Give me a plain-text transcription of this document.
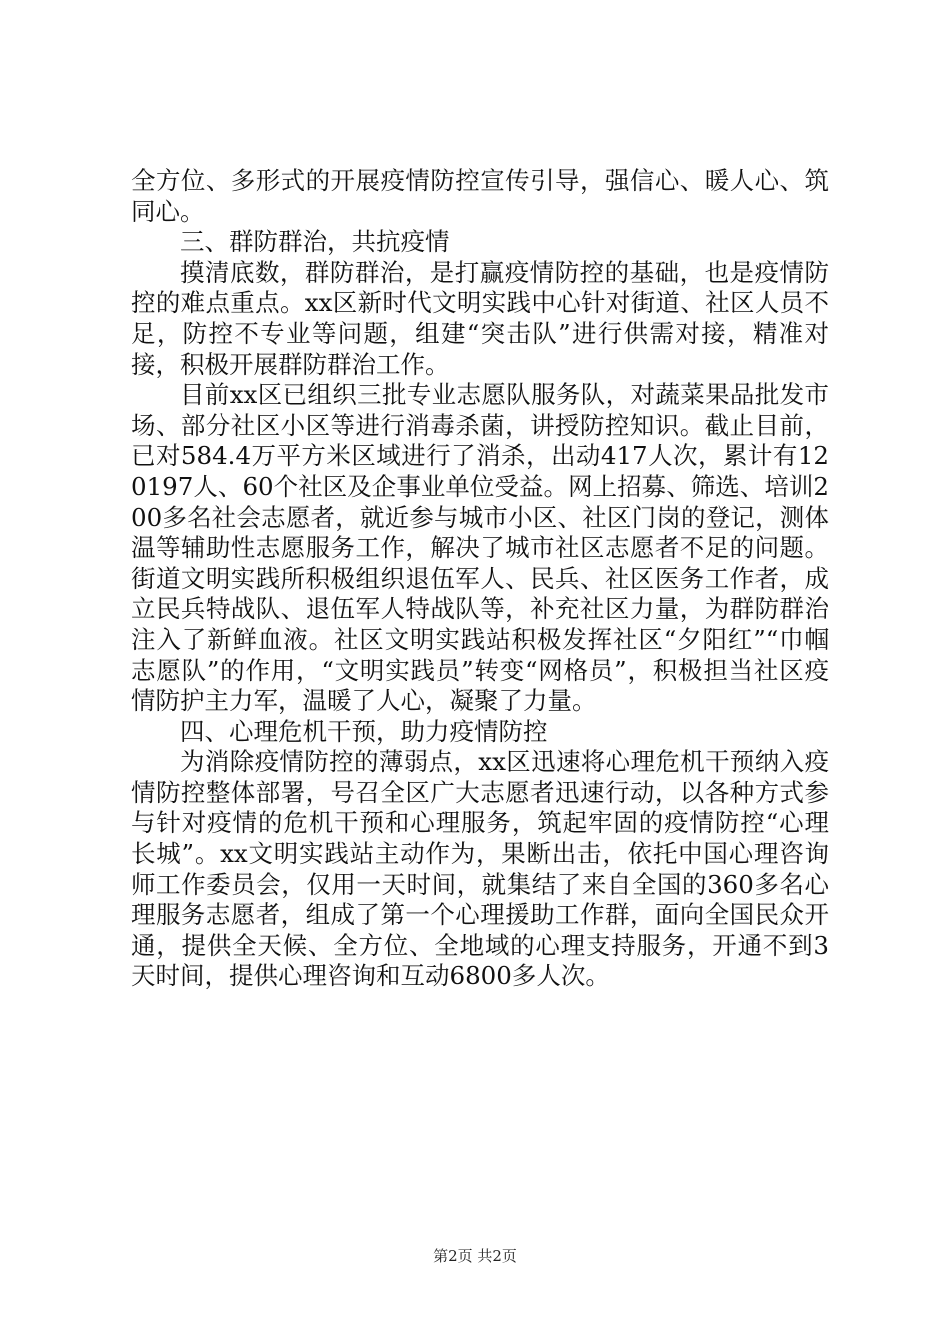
全方位、多形式的开展疫情防控宣传引导，强信心、暖人心、筑同心。

三、群防群治，共抗疫情

摸清底数，群防群治，是打赢疫情防控的基础，也是疫情防控的难点重点。xx区新时代文明实践中心针对街道、社区人员不足，防控不专业等问题，组建“突击队”进行供需对接，精准对接，积极开展群防群治工作。

目前xx区已组织三批专业志愿队服务队，对蔬菜果品批发市场、部分社区小区等进行消毒杀菌，讲授防控知识。截止目前，已对584.4万平方米区域进行了消杀，出动417人次，累计有120197人、60个社区及企事业单位受益。网上招募、筛选、培训200多名社会志愿者，就近参与城市小区、社区门岗的登记，测体温等辅助性志愿服务工作，解决了城市社区志愿者不足的问题。街道文明实践所积极组织退伍军人、民兵、社区医务工作者，成立民兵特战队、退伍军人特战队等，补充社区力量，为群防群治注入了新鲜血液。社区文明实践站积极发挥社区“夕阳红”“巾帼志愿队”的作用，“文明实践员”转变“网格员”，积极担当社区疫情防护主力军，温暖了人心，凝聚了力量。

四、心理危机干预，助力疫情防控

为消除疫情防控的薄弱点，xx区迅速将心理危机干预纳入疫情防控整体部署，号召全区广大志愿者迅速行动，以各种方式参与针对疫情的危机干预和心理服务，筑起牢固的疫情防控“心理长城”。xx文明实践站主动作为，果断出击，依托中国心理咨询师工作委员会，仅用一天时间，就集结了来自全国的360多名心理服务志愿者，组成了第一个心理援助工作群，面向全国民众开通，提供全天候、全方位、全地域的心理支持服务，开通不到3天时间，提供心理咨询和互动6800多人次。

第2页 共2页
